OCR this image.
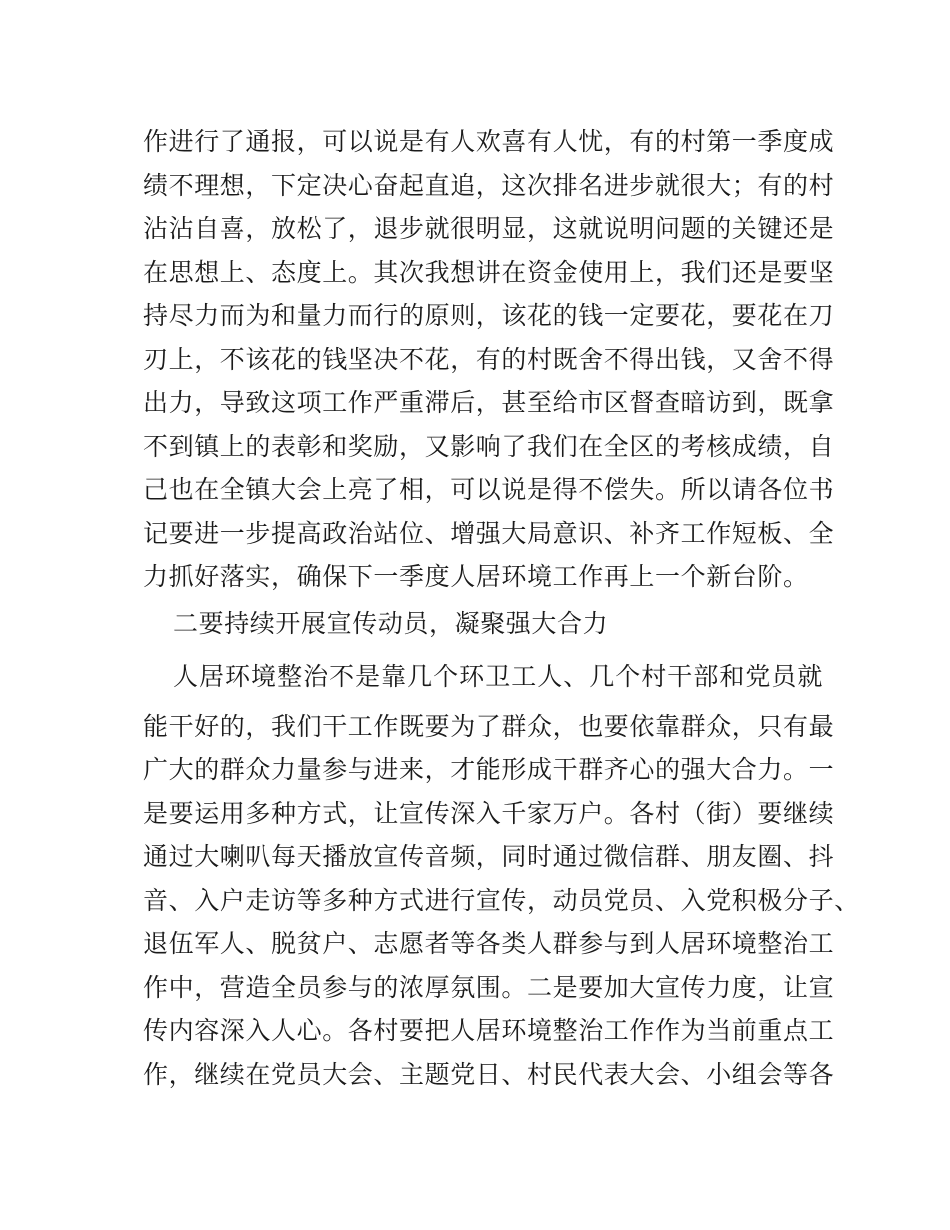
作进行了通报，可以说是有人欢喜有人忧，有的村第一季度成
绩不理想，下定决心奋起直追，这次排名进步就很大；有的村
沾沾自喜，放松了，退步就很明显，这就说明问题的关键还是
在思想上、态度上。其次我想讲在资金使用上，我们还是要坚
持尽力而为和量力而行的原则，该花的钱一定要花，要花在刀
刃上，不该花的钱坚决不花，有的村既舍不得出钱，又舍不得
出力，导致这项工作严重滞后，甚至给市区督查暗访到，既拿
不到镇上的表彰和奖励，又影响了我们在全区的考核成绩，自
己也在全镇大会上亮了相，可以说是得不偿失。所以请各位书
记要进一步提高政治站位、增强大局意识、补齐工作短板、全
力抓好落实，确保下一季度人居环境工作再上一个新台阶。
二要持续开展宣传动员，凝聚强大合力
人居环境整治不是靠几个环卫工人、几个村干部和党员就
能干好的，我们干工作既要为了群众，也要依靠群众，只有最
广大的群众力量参与进来，才能形成干群齐心的强大合力。一
是要运用多种方式，让宣传深入千家万户。各村（街）要继续
通过大喇叭每天播放宣传音频，同时通过微信群、朋友圈、抖
音、入户走访等多种方式进行宣传，动员党员、入党积极分子、
退伍军人、脱贫户、志愿者等各类人群参与到人居环境整治工
作中，营造全员参与的浓厚氛围。二是要加大宣传力度，让宣
传内容深入人心。各村要把人居环境整治工作作为当前重点工
作，继续在党员大会、主题党日、村民代表大会、小组会等各
